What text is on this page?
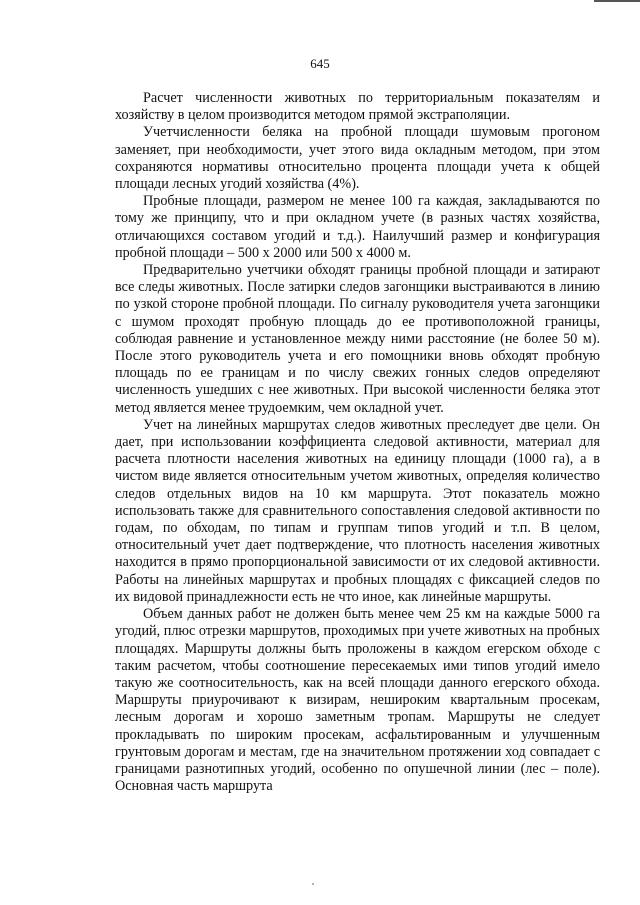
645

Расчет численности животных по территориальным показателям и хозяйству в целом производится методом прямой экстраполяции.

Учетчисленности беляка на пробной площади шумовым прогоном заменяет, при необходимости, учет этого вида окладным методом, при этом сохраняются нормативы относительно процента площади учета к общей площади лесных угодий хозяйства (4%).

Пробные площади, размером не менее 100 га каждая, закладываются по тому же принципу, что и при окладном учете (в разных частях хозяйства, отличающихся составом угодий и т.д.). Наилучший размер и конфигурация пробной площади – 500 х 2000 или 500 х 4000 м.

Предварительно учетчики обходят границы пробной площади и затирают все следы животных. После затирки следов загонщики выстраиваются в линию по узкой стороне пробной площади. По сигналу руководителя учета загонщики с шумом проходят пробную площадь до ее противоположной границы, соблюдая равнение и установленное между ними расстояние (не более 50 м). После этого руководитель учета и его помощники вновь обходят пробную площадь по ее границам и по числу свежих гонных следов определяют численность ушедших с нее животных. При высокой численности беляка этот метод является менее трудоемким, чем окладной учет.

Учет на линейных маршрутах следов животных преследует две цели. Он дает, при использовании коэффициента следовой активности, материал для расчета плотности населения животных на единицу площади (1000 га), а в чистом виде является относительным учетом животных, определяя количество следов отдельных видов на 10 км маршрута. Этот показатель можно использовать также для сравнительного сопоставления следовой активности по годам, по обходам, по типам и группам типов угодий и т.п. В целом, относительный учет дает подтверждение, что плотность населения животных находится в прямо пропорциональной зависимости от их следовой активности. Работы на линейных маршрутах и пробных площадях с фиксацией следов по их видовой принадлежности есть не что иное, как линейные маршруты.

Объем данных работ не должен быть менее чем 25 км на каждые 5000 га угодий, плюс отрезки маршрутов, проходимых при учете животных на пробных площадях. Маршруты должны быть проложены в каждом егерском обходе с таким расчетом, чтобы соотношение пересекаемых ими типов угодий имело такую же соотносительность, как на всей площади данного егерского обхода. Маршруты приурочивают к визирам, нешироким квартальным просекам, лесным дорогам и хорошо заметным тропам. Маршруты не следует прокладывать по широким просекам, асфальтированным и улучшенным грунтовым дорогам и местам, где на значительном протяжении ход совпадает с границами разнотипных угодий, особенно по опушечной линии (лес – поле). Основная часть маршрута
